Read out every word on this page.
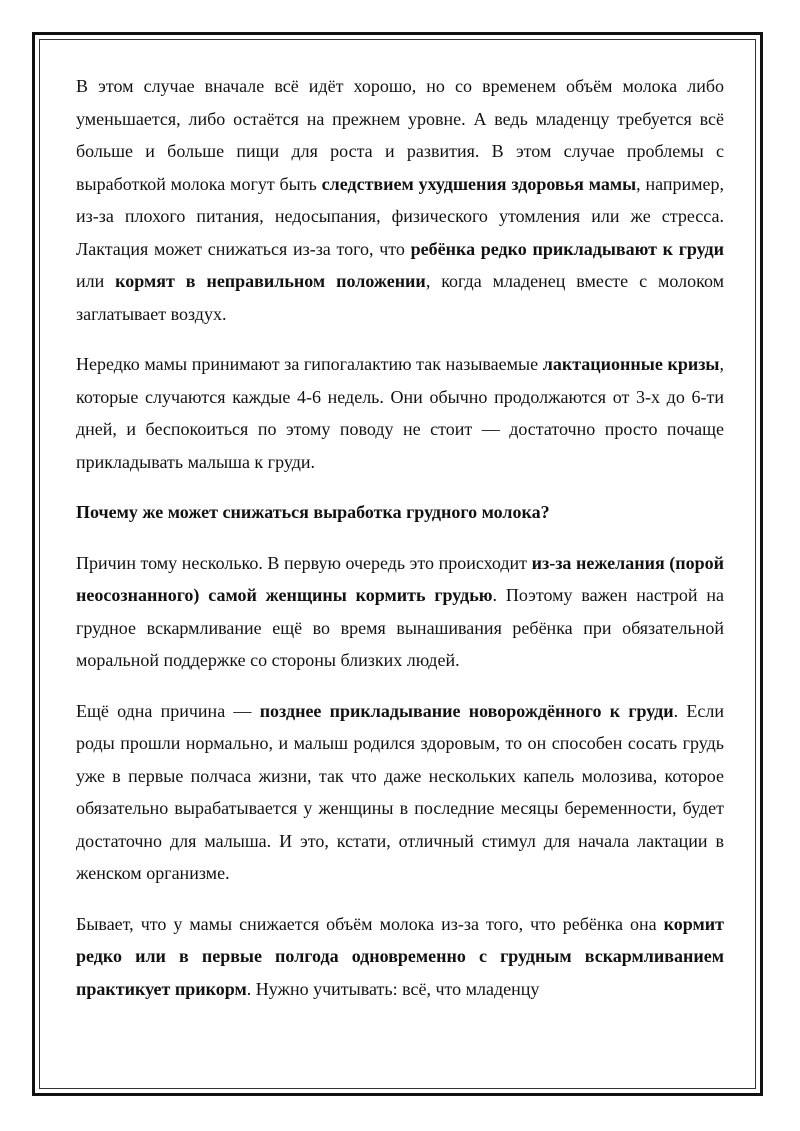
В этом случае вначале всё идёт хорошо, но со временем объём молока либо уменьшается, либо остаётся на прежнем уровне. А ведь младенцу требуется всё больше и больше пищи для роста и развития. В этом случае проблемы с выработкой молока могут быть следствием ухудшения здоровья мамы, например, из-за плохого питания, недосыпания, физического утомления или же стресса. Лактация может снижаться из-за того, что ребёнка редко прикладывают к груди или кормят в неправильном положении, когда младенец вместе с молоком заглатывает воздух.

Нередко мамы принимают за гипогалактию так называемые лактационные кризы, которые случаются каждые 4-6 недель. Они обычно продолжаются от 3-х до 6-ти дней, и беспокоиться по этому поводу не стоит — достаточно просто почаще прикладывать малыша к груди.

Почему же может снижаться выработка грудного молока?

Причин тому несколько. В первую очередь это происходит из-за нежелания (порой неосознанного) самой женщины кормить грудью. Поэтому важен настрой на грудное вскармливание ещё во время вынашивания ребёнка при обязательной моральной поддержке со стороны близких людей.

Ещё одна причина — позднее прикладывание новорождённого к груди. Если роды прошли нормально, и малыш родился здоровым, то он способен сосать грудь уже в первые полчаса жизни, так что даже нескольких капель молозива, которое обязательно вырабатывается у женщины в последние месяцы беременности, будет достаточно для малыша. И это, кстати, отличный стимул для начала лактации в женском организме.

Бывает, что у мамы снижается объём молока из-за того, что ребёнка она кормит редко или в первые полгода одновременно с грудным вскармливанием практикует прикорм. Нужно учитывать: всё, что младенцу
